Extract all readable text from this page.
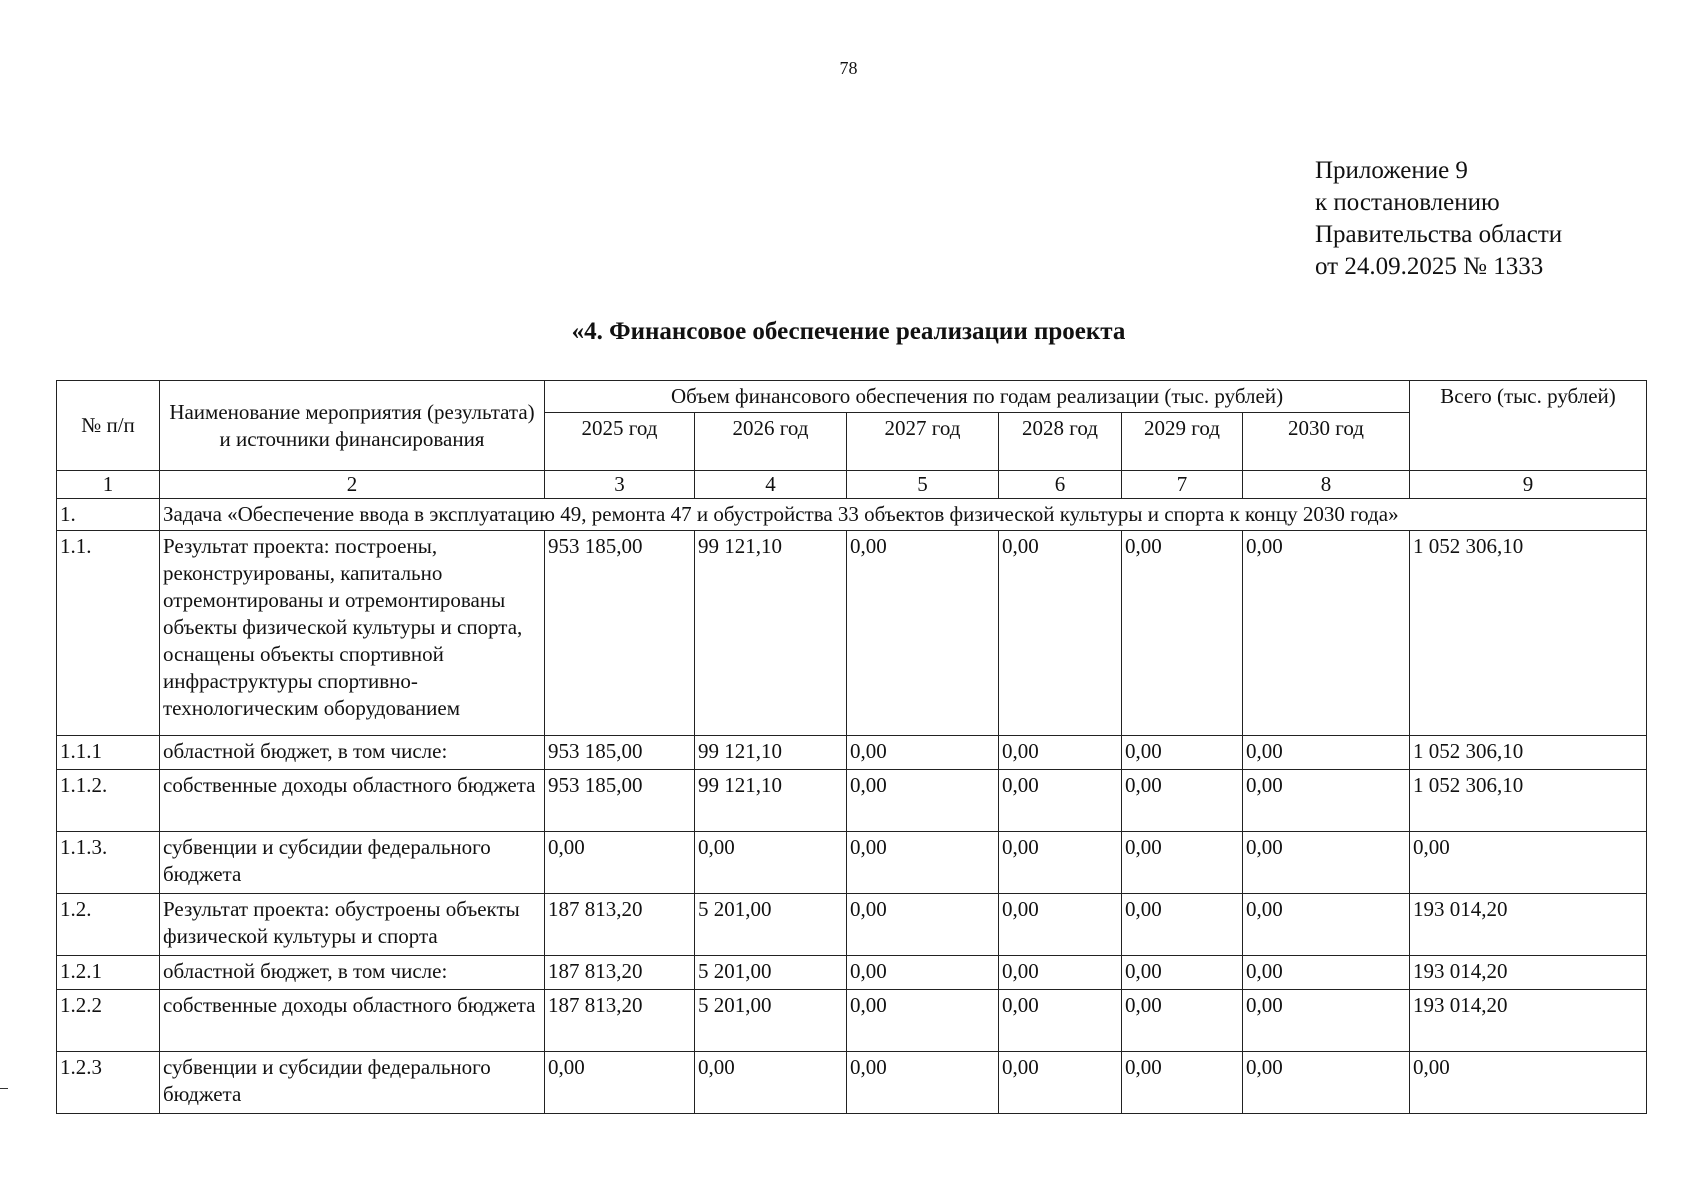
78
Приложение 9
к постановлению
Правительства области
от 24.09.2025 № 1333
«4. Финансовое обеспечение реализации проекта
№ п/п	Наименование мероприятия (результата) и источники финансирования	Объем финансового обеспечения по годам реализации (тыс. рублей)						Всего (тыс. рублей)
		2025 год	2026 год	2027 год	2028 год	2029 год	2030 год	
1	2	3	4	5	6	7	8	9
1.	Задача «Обеспечение ввода в эксплуатацию 49, ремонта 47 и обустройства 33 объектов физической культуры и спорта к концу 2030 года»							
1.1.	Результат проекта: построены, реконструированы, капитально отремонтированы и отремонтированы объекты физической культуры и спорта, оснащены объекты спортивной инфраструктуры спортивно-технологическим оборудованием	953 185,00	99 121,10	0,00	0,00	0,00	0,00	1 052 306,10
1.1.1	областной бюджет, в том числе:	953 185,00	99 121,10	0,00	0,00	0,00	0,00	1 052 306,10
1.1.2.	собственные доходы областного бюджета	953 185,00	99 121,10	0,00	0,00	0,00	0,00	1 052 306,10
1.1.3.	субвенции и субсидии федерального бюджета	0,00	0,00	0,00	0,00	0,00	0,00	0,00
1.2.	Результат проекта: обустроены объекты физической культуры и спорта	187 813,20	5 201,00	0,00	0,00	0,00	0,00	193 014,20
1.2.1	областной бюджет, в том числе:	187 813,20	5 201,00	0,00	0,00	0,00	0,00	193 014,20
1.2.2	собственные доходы областного бюджета	187 813,20	5 201,00	0,00	0,00	0,00	0,00	193 014,20
1.2.3	субвенции и субсидии федерального бюджета	0,00	0,00	0,00	0,00	0,00	0,00	0,00
